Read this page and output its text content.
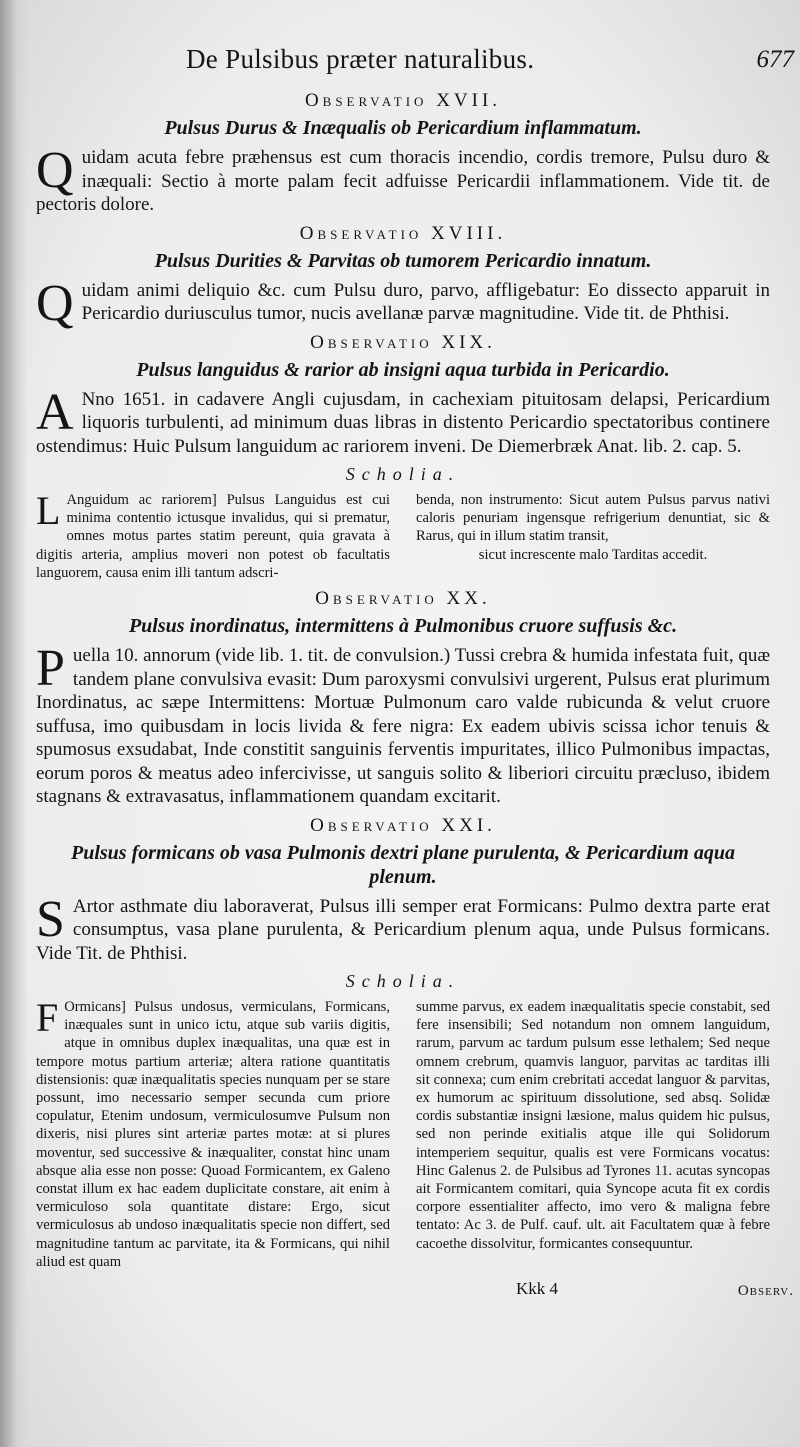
De Pulsibus præter naturalibus.	677
Observatio XVII.
Pulsus Durus & Inæqualis ob Pericardium inflammatum.

Quidam acuta febre præhensus est cum thoracis incendio, cordis tremore, Pulsu duro & inæquali: Sectio à morte palam fecit adfuisse Pericardii inflammationem. Vide tit. de pectoris dolore.

Observatio XVIII.
Pulsus Durities & Parvitas ob tumorem Pericardio innatum.

Quidam animi deliquio &c. cum Pulsu duro, parvo, affligebatur: Eo dissecto apparuit in Pericardio duriusculus tumor, nucis avellanæ parvæ magnitudine. Vide tit. de Phthisi.

Observatio XIX.
Pulsus languidus & rarior ab insigni aqua turbida in Pericardio.

A Nno 1651. in cadavere Angli cujusdam, in cachexiam pituitosam delapsi, Pericardium liquoris turbulenti, ad minimum duas libras in distento Pericardio spectatoribus continere ostendimus: Huic Pulsum languidum ac rariorem inveni. De Diemerbræk Anat. lib. 2. cap. 5.

Scholia.

L Anguidum ac rariorem] Pulsus Languidus est cui minima contentio ictusque invalidus, qui si prematur, omnes motus partes statim pereunt, quia gravata à digitis arteria, amplius moveri non potest ob facultatis languorem, causa enim illi tantum adscri-

benda, non instrumento: Sicut autem Pulsus parvus nativi caloris penuriam ingensque refrigerium denuntiat, sic & Rarus, qui in illum statim transit,

sicut increscente malo Tarditas accedit.

Observatio XX.
Pulsus inordinatus, intermittens à Pulmonibus cruore suffusis &c.

Puella 10. annorum (vide lib. 1. tit. de convulsion.) Tussi crebra & humida infestata fuit, quæ tandem plane convulsiva evasit: Dum paroxysmi convulsivi urgerent, Pulsus erat plurimum Inordinatus, ac sæpe Intermittens: Mortuæ Pulmonum caro valde rubicunda & velut cruore suffusa, imo quibusdam in locis livida & fere nigra: Ex eadem ubivis scissa ichor tenuis & spumosus exsudabat, Inde constitit sanguinis ferventis impuritates, illico Pulmonibus impactas, eorum poros & meatus adeo infercivisse, ut sanguis solito & liberiori circuitu præcluso, ibidem stagnans & extravasatus, inflammationem quandam excitarit.

Observatio XXI.
Pulsus formicans ob vasa Pulmonis dextri plane purulenta, & Pericardium aqua plenum.

S Artor asthmate diu laboraverat, Pulsus illi semper erat Formicans: Pulmo dextra parte erat consumptus, vasa plane purulenta, & Pericardium plenum aqua, unde Pulsus formicans. Vide Tit. de Phthisi.

Scholia.

F Ormicans] Pulsus undosus, vermiculans, Formicans, inæquales sunt in unico ictu, atque sub variis digitis, atque in omnibus duplex inæqualitas, una quæ est in tempore motus partium arteriæ; altera ratione quantitatis distensionis: quæ inæqualitatis species nunquam per se stare possunt, imo necessario semper secunda cum priore copulatur, Etenim undosum, vermiculosumve Pulsum non dixeris, nisi plures sint arteriæ partes motæ: at si plures moventur, sed successive & inæqualiter, constat hinc unam absque alia esse non posse: Quoad Formicantem, ex Galeno constat illum ex hac eadem duplicitate constare, ait enim à vermiculoso sola quantitate distare: Ergo, sicut vermiculosus ab undoso inæqualitatis specie non differt, sed magnitudine tantum ac parvitate, ita & Formicans, qui nihil aliud est quam

summe parvus, ex eadem inæqualitatis specie constabit, sed fere insensibili; Sed notandum non omnem languidum, rarum, parvum ac tardum pulsum esse lethalem; Sed neque omnem crebrum, quamvis languor, parvitas ac tarditas illi sit connexa; cum enim crebritati accedat languor & parvitas, ex humorum ac spirituum dissolutione, sed absq. Solidæ cordis substantiæ insigni læsione, malus quidem hic pulsus, sed non perinde exitialis atque ille qui Solidorum intemperiem sequitur, qualis est vere Formicans vocatus: Hinc Galenus 2. de Pulsibus ad Tyrones 11. acutas syncopas ait Formicantem comitari, quia Syncope acuta fit ex cordis corpore essentialiter affecto, imo vero & maligna febre tentato: Ac 3. de Pulf. cauf. ult. ait Facultatem quæ à febre cacoethe dissolvitur, formicantes consequuntur.

Kkk 4	Observ.
